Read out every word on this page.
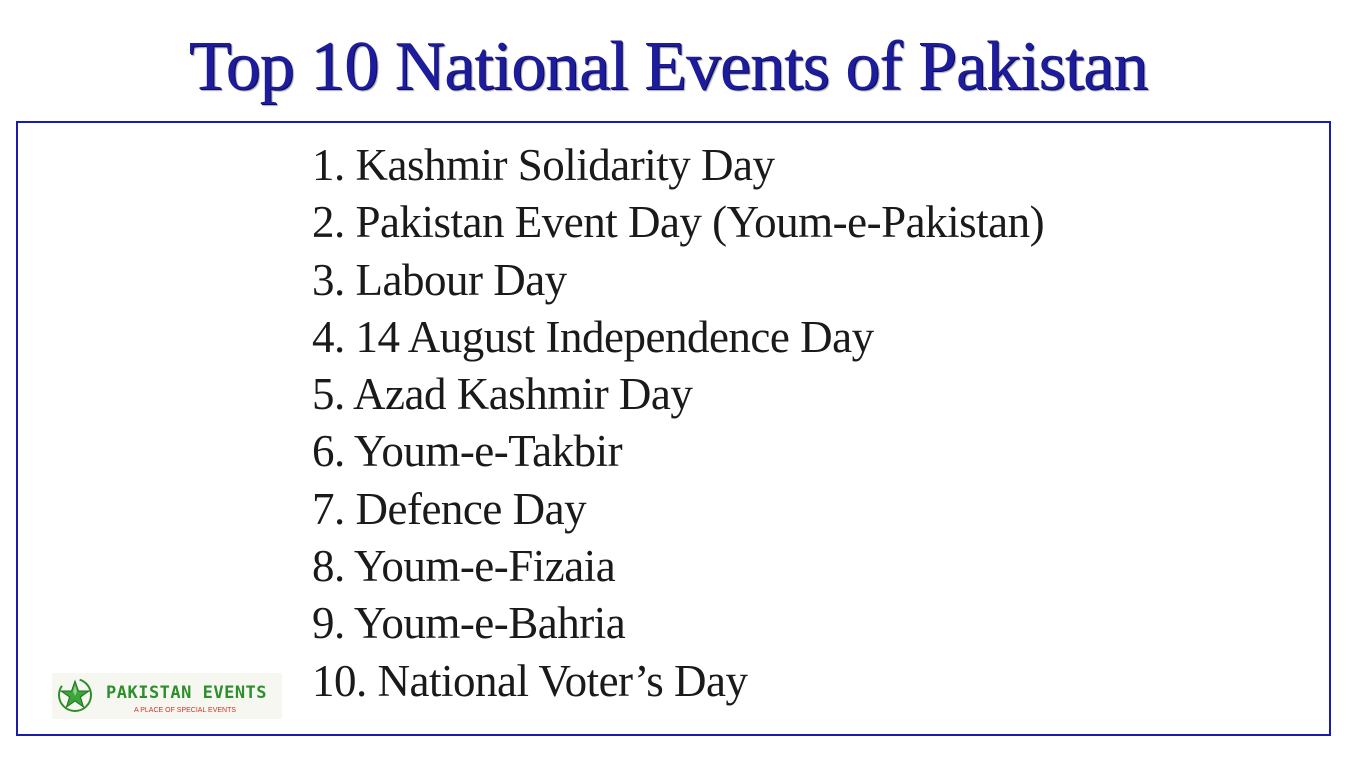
Top 10 National Events of Pakistan
1. Kashmir Solidarity Day
2. Pakistan Event Day (Youm-e-Pakistan)
3. Labour Day
4. 14 August Independence Day
5. Azad Kashmir Day
6. Youm-e-Takbir
7. Defence Day
8. Youm-e-Fizaia
9. Youm-e-Bahria
10. National Voter’s Day
PAKISTAN EVENTS
A PLACE OF SPECIAL EVENTS
